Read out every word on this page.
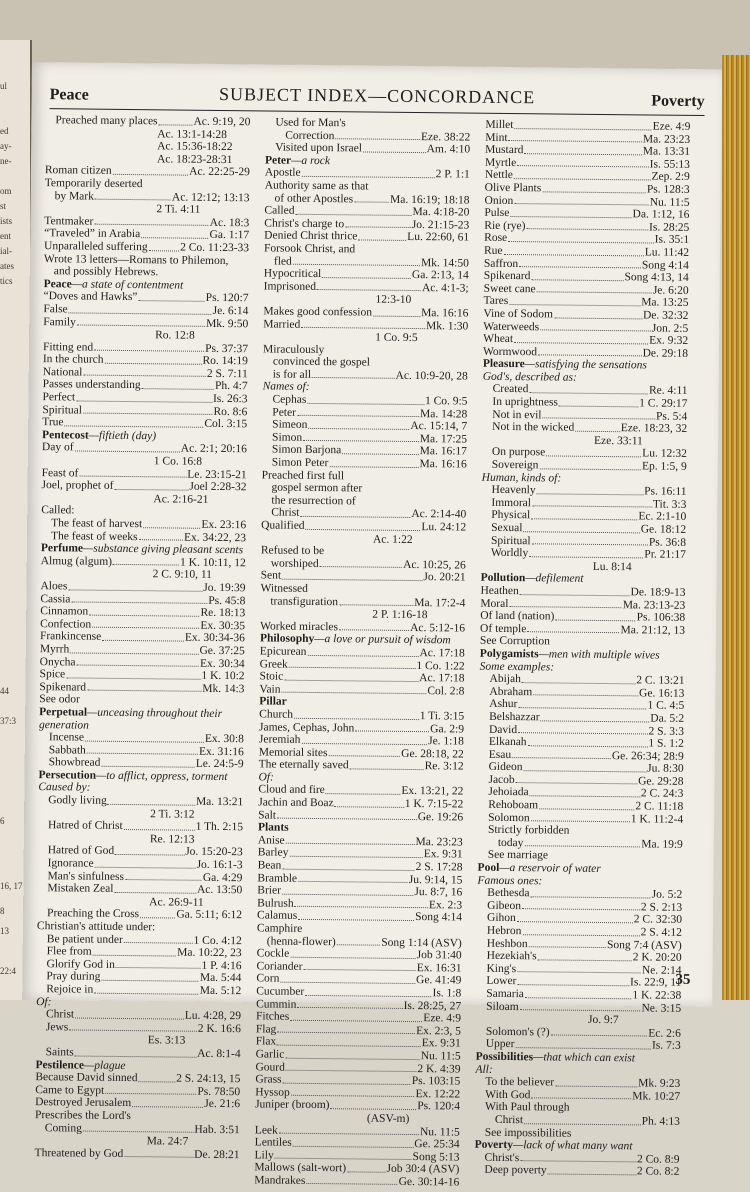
ul
ed
ay-
ne-
om
st
ists
ent
ial-
ates
tics
44
37:3
6
16, 17
8
13
22:4
Peace	SUBJECT INDEX—CONCORDANCE	Poverty
Preached many places	Ac. 9:19, 20
Ac. 13:1-14:28
Ac. 15:36-18:22
Ac. 18:23-28:31
Roman citizen	Ac. 22:25-29
Temporarily deserted
by Mark	Ac. 12:12; 13:13
2 Ti. 4:11
Tentmaker	Ac. 18:3
“Traveled” in Arabia	Ga. 1:17
Unparalleled suffering	2 Co. 11:23-33
Wrote 13 letters—Romans to Philemon,
and possibly Hebrews.
Peace—a state of contentment
“Doves and Hawks”	Ps. 120:7
False	Je. 6:14
Family	Mk. 9:50
Ro. 12:8
Fitting end	Ps. 37:37
In the church	Ro. 14:19
National	2 S. 7:11
Passes understanding	Ph. 4:7
Perfect	Is. 26:3
Spiritual	Ro. 8:6
True	Col. 3:15
Pentecost—fiftieth (day)
Day of	Ac. 2:1; 20:16
1 Co. 16:8
Feast of	Le. 23:15-21
Joel, prophet of	Joel 2:28-32
Ac. 2:16-21
Called:
The feast of harvest	Ex. 23:16
The feast of weeks	Ex. 34:22, 23
Perfume—substance giving pleasant scents
Almug (algum)	1 K. 10:11, 12
2 C. 9:10, 11
Aloes	Jo. 19:39
Cassia	Ps. 45:8
Cinnamon	Re. 18:13
Confection	Ex. 30:35
Frankincense	Ex. 30:34-36
Myrrh	Ge. 37:25
Onycha	Ex. 30:34
Spice	1 K. 10:2
Spikenard	Mk. 14:3
See odor
Perpetual—unceasing throughout their
generation
Incense	Ex. 30:8
Sabbath	Ex. 31:16
Showbread	Le. 24:5-9
Persecution—to afflict, oppress, torment
Caused by:
Godly living	Ma. 13:21
2 Ti. 3:12
Hatred of Christ	1 Th. 2:15
Re. 12:13
Hatred of God	Jo. 15:20-23
Ignorance	Jo. 16:1-3
Man's sinfulness	Ga. 4:29
Mistaken Zeal	Ac. 13:50
Ac. 26:9-11
Preaching the Cross	Ga. 5:11; 6:12
Christian's attitude under:
Be patient under	1 Co. 4:12
Flee from	Ma. 10:22, 23
Glorify God in	1 P. 4:16
Pray during	Ma. 5:44
Rejoice in	Ma. 5:12
Of:
Christ	Lu. 4:28, 29
Jews	2 K. 16:6
Es. 3:13
Saints	Ac. 8:1-4
Pestilence—plague
Because David sinned	2 S. 24:13, 15
Came to Egypt	Ps. 78:50
Destroyed Jerusalem	Je. 21:6
Prescribes the Lord's
Coming	Hab. 3:51
Ma. 24:7
Threatened by God	De. 28:21
Used for Man's
Correction	Eze. 38:22
Visited upon Israel	Am. 4:10
Peter—a rock
Apostle	2 P. 1:1
Authority same as that
of other Apostles	Ma. 16:19; 18:18
Called	Ma. 4:18-20
Christ's charge to	Jo. 21:15-23
Denied Christ thrice	Lu. 22:60, 61
Forsook Christ, and
fled	Mk. 14:50
Hypocritical	Ga. 2:13, 14
Imprisoned	Ac. 4:1-3;
12:3-10
Makes good confession	Ma. 16:16
Married	Mk. 1:30
1 Co. 9:5
Miraculously
convinced the gospel
is for all	Ac. 10:9-20, 28
Names of:
Cephas	1 Co. 9:5
Peter	Ma. 14:28
Simeon	Ac. 15:14, 7
Simon	Ma. 17:25
Simon Barjona	Ma. 16:17
Simon Peter	Ma. 16:16
Preached first full
gospel sermon after
the resurrection of
Christ	Ac. 2:14-40
Qualified	Lu. 24:12
Ac. 1:22
Refused to be
worshiped	Ac. 10:25, 26
Sent	Jo. 20:21
Witnessed
transfiguration	Ma. 17:2-4
2 P. 1:16-18
Worked miracles	Ac. 5:12-16
Philosophy—a love or pursuit of wisdom
Epicurean	Ac. 17:18
Greek	1 Co. 1:22
Stoic	Ac. 17:18
Vain	Col. 2:8
Pillar
Church	1 Ti. 3:15
James, Cephas, John	Ga. 2:9
Jeremiah	Je. 1:18
Memorial sites	Ge. 28:18, 22
The eternally saved	Re. 3:12
Of:
Cloud and fire	Ex. 13:21, 22
Jachin and Boaz	1 K. 7:15-22
Salt	Ge. 19:26
Plants
Anise	Ma. 23:23
Barley	Ex. 9:31
Bean	2 S. 17:28
Bramble	Ju. 9:14, 15
Brier	Ju. 8:7, 16
Bulrush	Ex. 2:3
Calamus	Song 4:14
Camphire
(henna-flower)	Song 1:14 (ASV)
Cockle	Job 31:40
Coriander	Ex. 16:31
Corn	Ge. 41:49
Cucumber	Is. 1:8
Cummin	Is. 28:25, 27
Fitches	Eze. 4:9
Flag	Ex. 2:3, 5
Flax	Ex. 9:31
Garlic	Nu. 11:5
Gourd	2 K. 4:39
Grass	Ps. 103:15
Hyssop	Ex. 12:22
Juniper (broom)	Ps. 120:4
(ASV-m)
Leek	Nu. 11:5
Lentiles	Ge. 25:34
Lily	Song 5:13
Mallows (salt-wort)	Job 30:4 (ASV)
Mandrakes	Ge. 30:14-16
Millet	Eze. 4:9
Mint	Ma. 23:23
Mustard	Ma. 13:31
Myrtle	Is. 55:13
Nettle	Zep. 2:9
Olive Plants	Ps. 128:3
Onion	Nu. 11:5
Pulse	Da. 1:12, 16
Rie (rye)	Is. 28:25
Rose	Is. 35:1
Rue	Lu. 11:42
Saffron	Song 4:14
Spikenard	Song 4:13, 14
Sweet cane	Je. 6:20
Tares	Ma. 13:25
Vine of Sodom	De. 32:32
Waterweeds	Jon. 2:5
Wheat	Ex. 9:32
Wormwood	De. 29:18
Pleasure—satisfying the sensations
God's, described as:
Created	Re. 4:11
In uprightness	1 C. 29:17
Not in evil	Ps. 5:4
Not in the wicked	Eze. 18:23, 32
Eze. 33:11
On purpose	Lu. 12:32
Sovereign	Ep. 1:5, 9
Human, kinds of:
Heavenly	Ps. 16:11
Immoral	Tit. 3:3
Physical	Ec. 2:1-10
Sexual	Ge. 18:12
Spiritual	Ps. 36:8
Worldly	Pr. 21:17
Lu. 8:14
Pollution—defilement
Heathen	De. 18:9-13
Moral	Ma. 23:13-23
Of land (nation)	Ps. 106:38
Of temple	Ma. 21:12, 13
See Corruption
Polygamists—men with multiple wives
Some examples:
Abijah	2 C. 13:21
Abraham	Ge. 16:13
Ashur	1 C. 4:5
Belshazzar	Da. 5:2
David	2 S. 3:3
Elkanah	1 S. 1:2
Esau	Ge. 26:34; 28:9
Gideon	Ju. 8:30
Jacob	Ge. 29:28
Jehoiada	2 C. 24:3
Rehoboam	2 C. 11:18
Solomon	1 K. 11:2-4
Strictly forbidden
today	Ma. 19:9
See marriage
Pool—a reservoir of water
Famous ones:
Bethesda	Jo. 5:2
Gibeon	2 S. 2:13
Gihon	2 C. 32:30
Hebron	2 S. 4:12
Heshbon	Song 7:4 (ASV)
Hezekiah's	2 K. 20:20
King's	Ne. 2:14
Lower	Is. 22:9, 11
Samaria	1 K. 22:38
Siloam	Ne. 3:15
Jo. 9:7
Solomon's (?)	Ec. 2:6
Upper	Is. 7:3
Possibilities—that which can exist
All:
To the believer	Mk. 9:23
With God	Mk. 10:27
With Paul through
Christ	Ph. 4:13
See impossibilities
Poverty—lack of what many want
Christ's	2 Co. 8:9
Deep poverty	2 Co. 8:2
35
